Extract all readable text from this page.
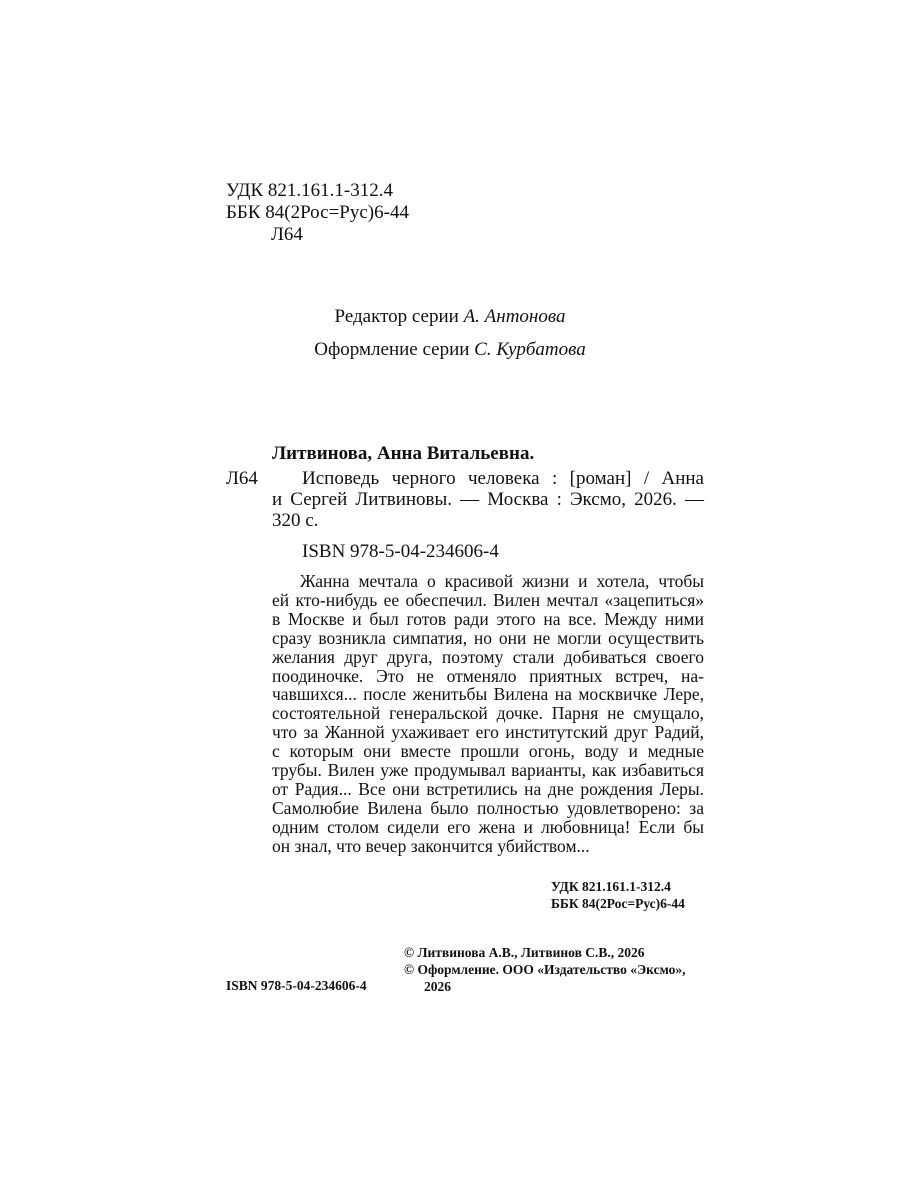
УДК 821.161.1-312.4
ББК 84(2Рос=Рус)6-44
Л64
Редактор серии А. Антонова
Оформление серии С. Курбатова
Литвинова, Анна Витальевна.
Л64	Исповедь черного человека : [роман] / Анна
и Сергей Литвиновы. — Москва : Эксмо, 2026. —
320 с.
ISBN 978-5-04-234606-4
Жанна мечтала о красивой жизни и хотела, чтобы
ей кто-нибудь ее обеспечил. Вилен мечтал «зацепиться»
в Москве и был готов ради этого на все. Между ними
сразу возникла симпатия, но они не могли осуществить
желания друг друга, поэтому стали добиваться своего
поодиночке. Это не отменяло приятных встреч, на-
чавшихся... после женитьбы Вилена на москвичке Лере,
состоятельной генеральской дочке. Парня не смущало,
что за Жанной ухаживает его институтский друг Радий,
с которым они вместе прошли огонь, воду и медные
трубы. Вилен уже продумывал варианты, как избавиться
от Радия... Все они встретились на дне рождения Леры.
Самолюбие Вилена было полностью удовлетворено: за
одним столом сидели его жена и любовница! Если бы
он знал, что вечер закончится убийством...
УДК 821.161.1-312.4
ББК 84(2Рос=Рус)6-44
© Литвинова А.В., Литвинов С.В., 2026
© Оформление. ООО «Издательство «Эксмо»,
2026
ISBN 978-5-04-234606-4
